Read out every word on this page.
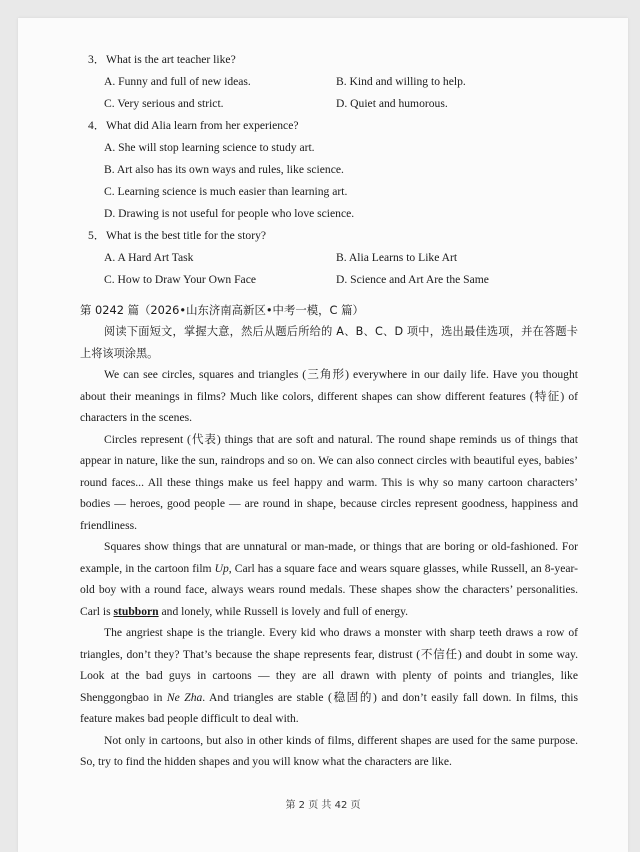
3．What is the art teacher like?
A. Funny and full of new ideas.	B. Kind and willing to help.
C. Very serious and strict.	D. Quiet and humorous.
4．What did Alia learn from her experience?
A. She will stop learning science to study art.
B. Art also has its own ways and rules, like science.
C. Learning science is much easier than learning art.
D. Drawing is not useful for people who love science.
5．What is the best title for the story?
A. A Hard Art Task	B. Alia Learns to Like Art
C. How to Draw Your Own Face	D. Science and Art Are the Same
第 0242 篇（2026•山东济南高新区•中考一模，C 篇）
阅读下面短文，掌握大意，然后从题后所给的 A、B、C、D 项中，选出最佳选项，并在答题卡上将该项涂黑。

We can see circles, squares and triangles (三角形) everywhere in our daily life. Have you thought about their meanings in films? Much like colors, different shapes can show different features (特征) of characters in the scenes.

Circles represent (代表) things that are soft and natural. The round shape reminds us of things that appear in nature, like the sun, raindrops and so on. We can also connect circles with beautiful eyes, babies’ round faces... All these things make us feel happy and warm. This is why so many cartoon characters’ bodies — heroes, good people — are round in shape, because circles represent goodness, happiness and friendliness.

Squares show things that are unnatural or man-made, or things that are boring or old-fashioned. For example, in the cartoon film Up, Carl has a square face and wears square glasses, while Russell, an 8-year-old boy with a round face, always wears round medals. These shapes show the characters’ personalities. Carl is stubborn and lonely, while Russell is lovely and full of energy.

The angriest shape is the triangle. Every kid who draws a monster with sharp teeth draws a row of triangles, don’t they? That’s because the shape represents fear, distrust (不信任) and doubt in some way. Look at the bad guys in cartoons — they are all drawn with plenty of points and triangles, like Shenggongbao in Ne Zha. And triangles are stable (稳固的) and don’t easily fall down. In films, this feature makes bad people difficult to deal with.

Not only in cartoons, but also in other kinds of films, different shapes are used for the same purpose. So, try to find the hidden shapes and you will know what the characters are like.

第 2 页 共 42 页
